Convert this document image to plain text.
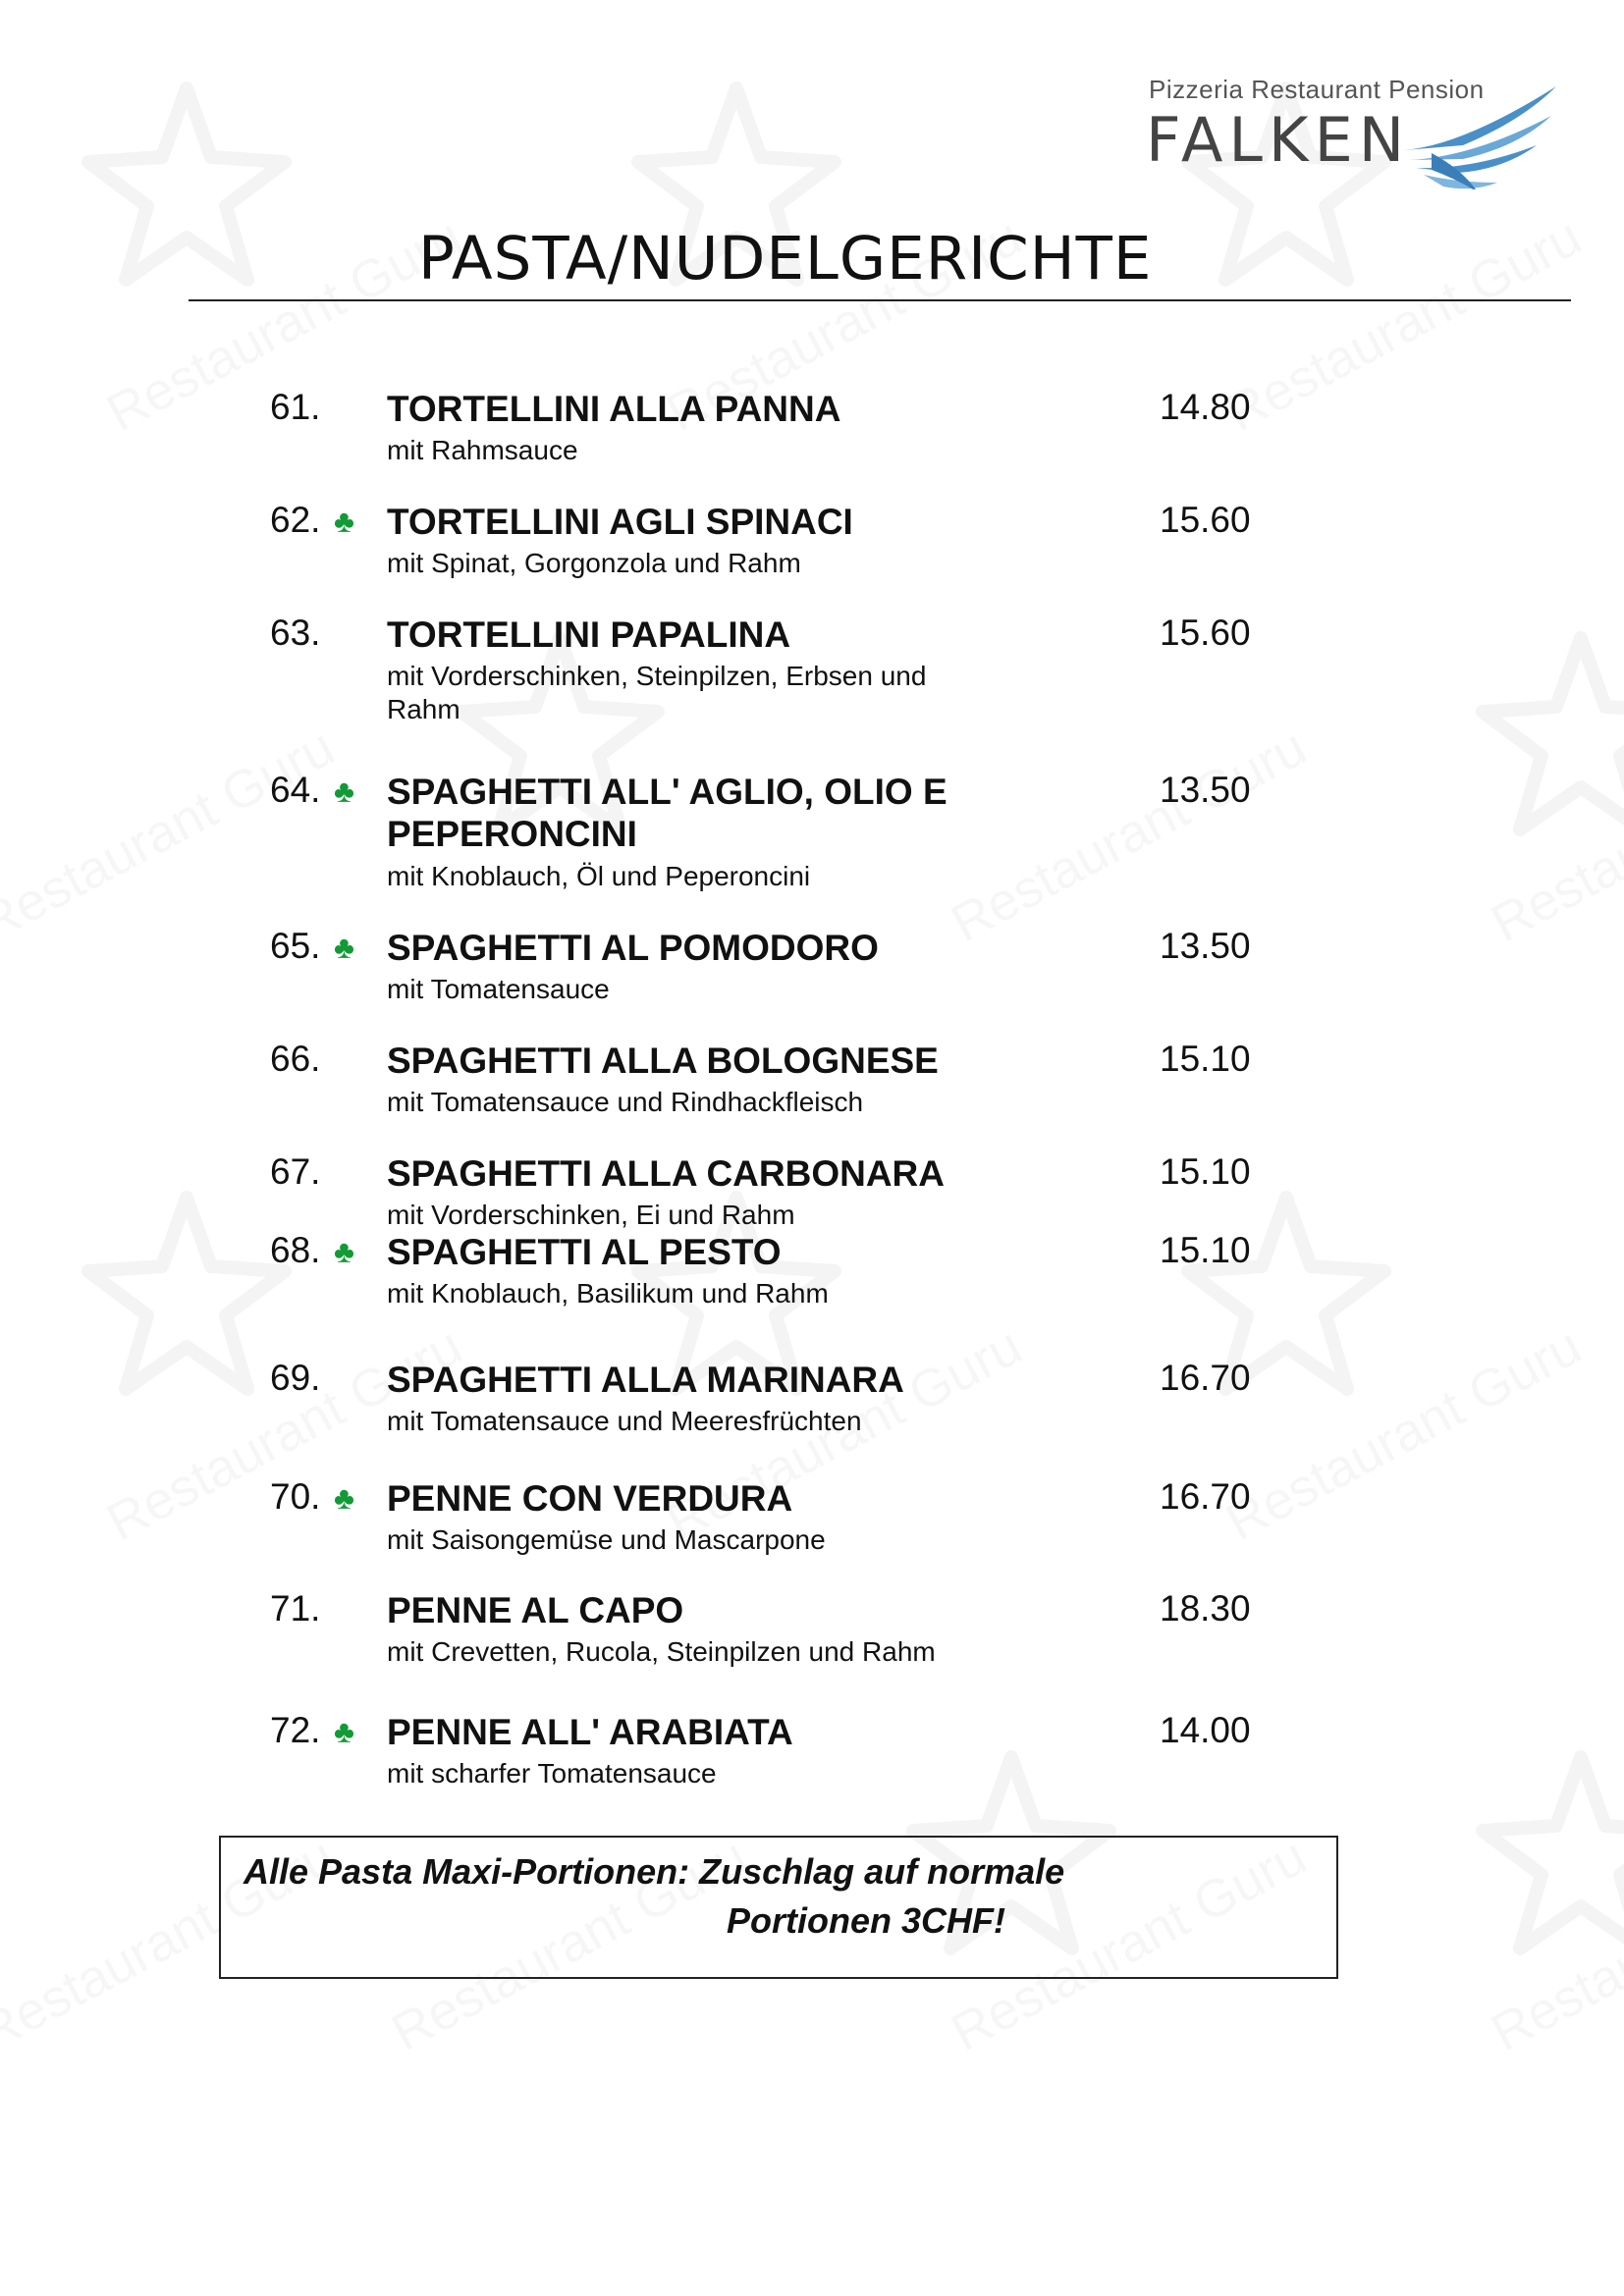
Pizzeria Restaurant Pension
FALKEN
PASTA/NUDELGERICHTE
61. TORTELLINI ALLA PANNA
mit Rahmsauce
14.80
62. ♣ TORTELLINI AGLI SPINACI
mit Spinat, Gorgonzola und Rahm
15.60
63. TORTELLINI PAPALINA
mit Vorderschinken, Steinpilzen, Erbsen und Rahm
15.60
64. ♣ SPAGHETTI ALL' AGLIO, OLIO E PEPERONCINI
mit Knoblauch, Öl und Peperoncini
13.50
65. ♣ SPAGHETTI AL POMODORO
mit Tomatensauce
13.50
66. SPAGHETTI ALLA BOLOGNESE
mit Tomatensauce und Rindhackfleisch
15.10
67. SPAGHETTI ALLA CARBONARA
mit Vorderschinken, Ei und Rahm
15.10
68. ♣ SPAGHETTI AL PESTO
mit Knoblauch, Basilikum und Rahm
15.10
69. SPAGHETTI ALLA MARINARA
mit Tomatensauce und Meeresfrüchten
16.70
70. ♣ PENNE CON VERDURA
mit Saisongemüse und Mascarpone
16.70
71. PENNE AL CAPO
mit Crevetten, Rucola, Steinpilzen und Rahm
18.30
72. ♣ PENNE ALL' ARABIATA
mit scharfer Tomatensauce
14.00
Alle Pasta Maxi-Portionen: Zuschlag auf normale
Portionen 3CHF!
